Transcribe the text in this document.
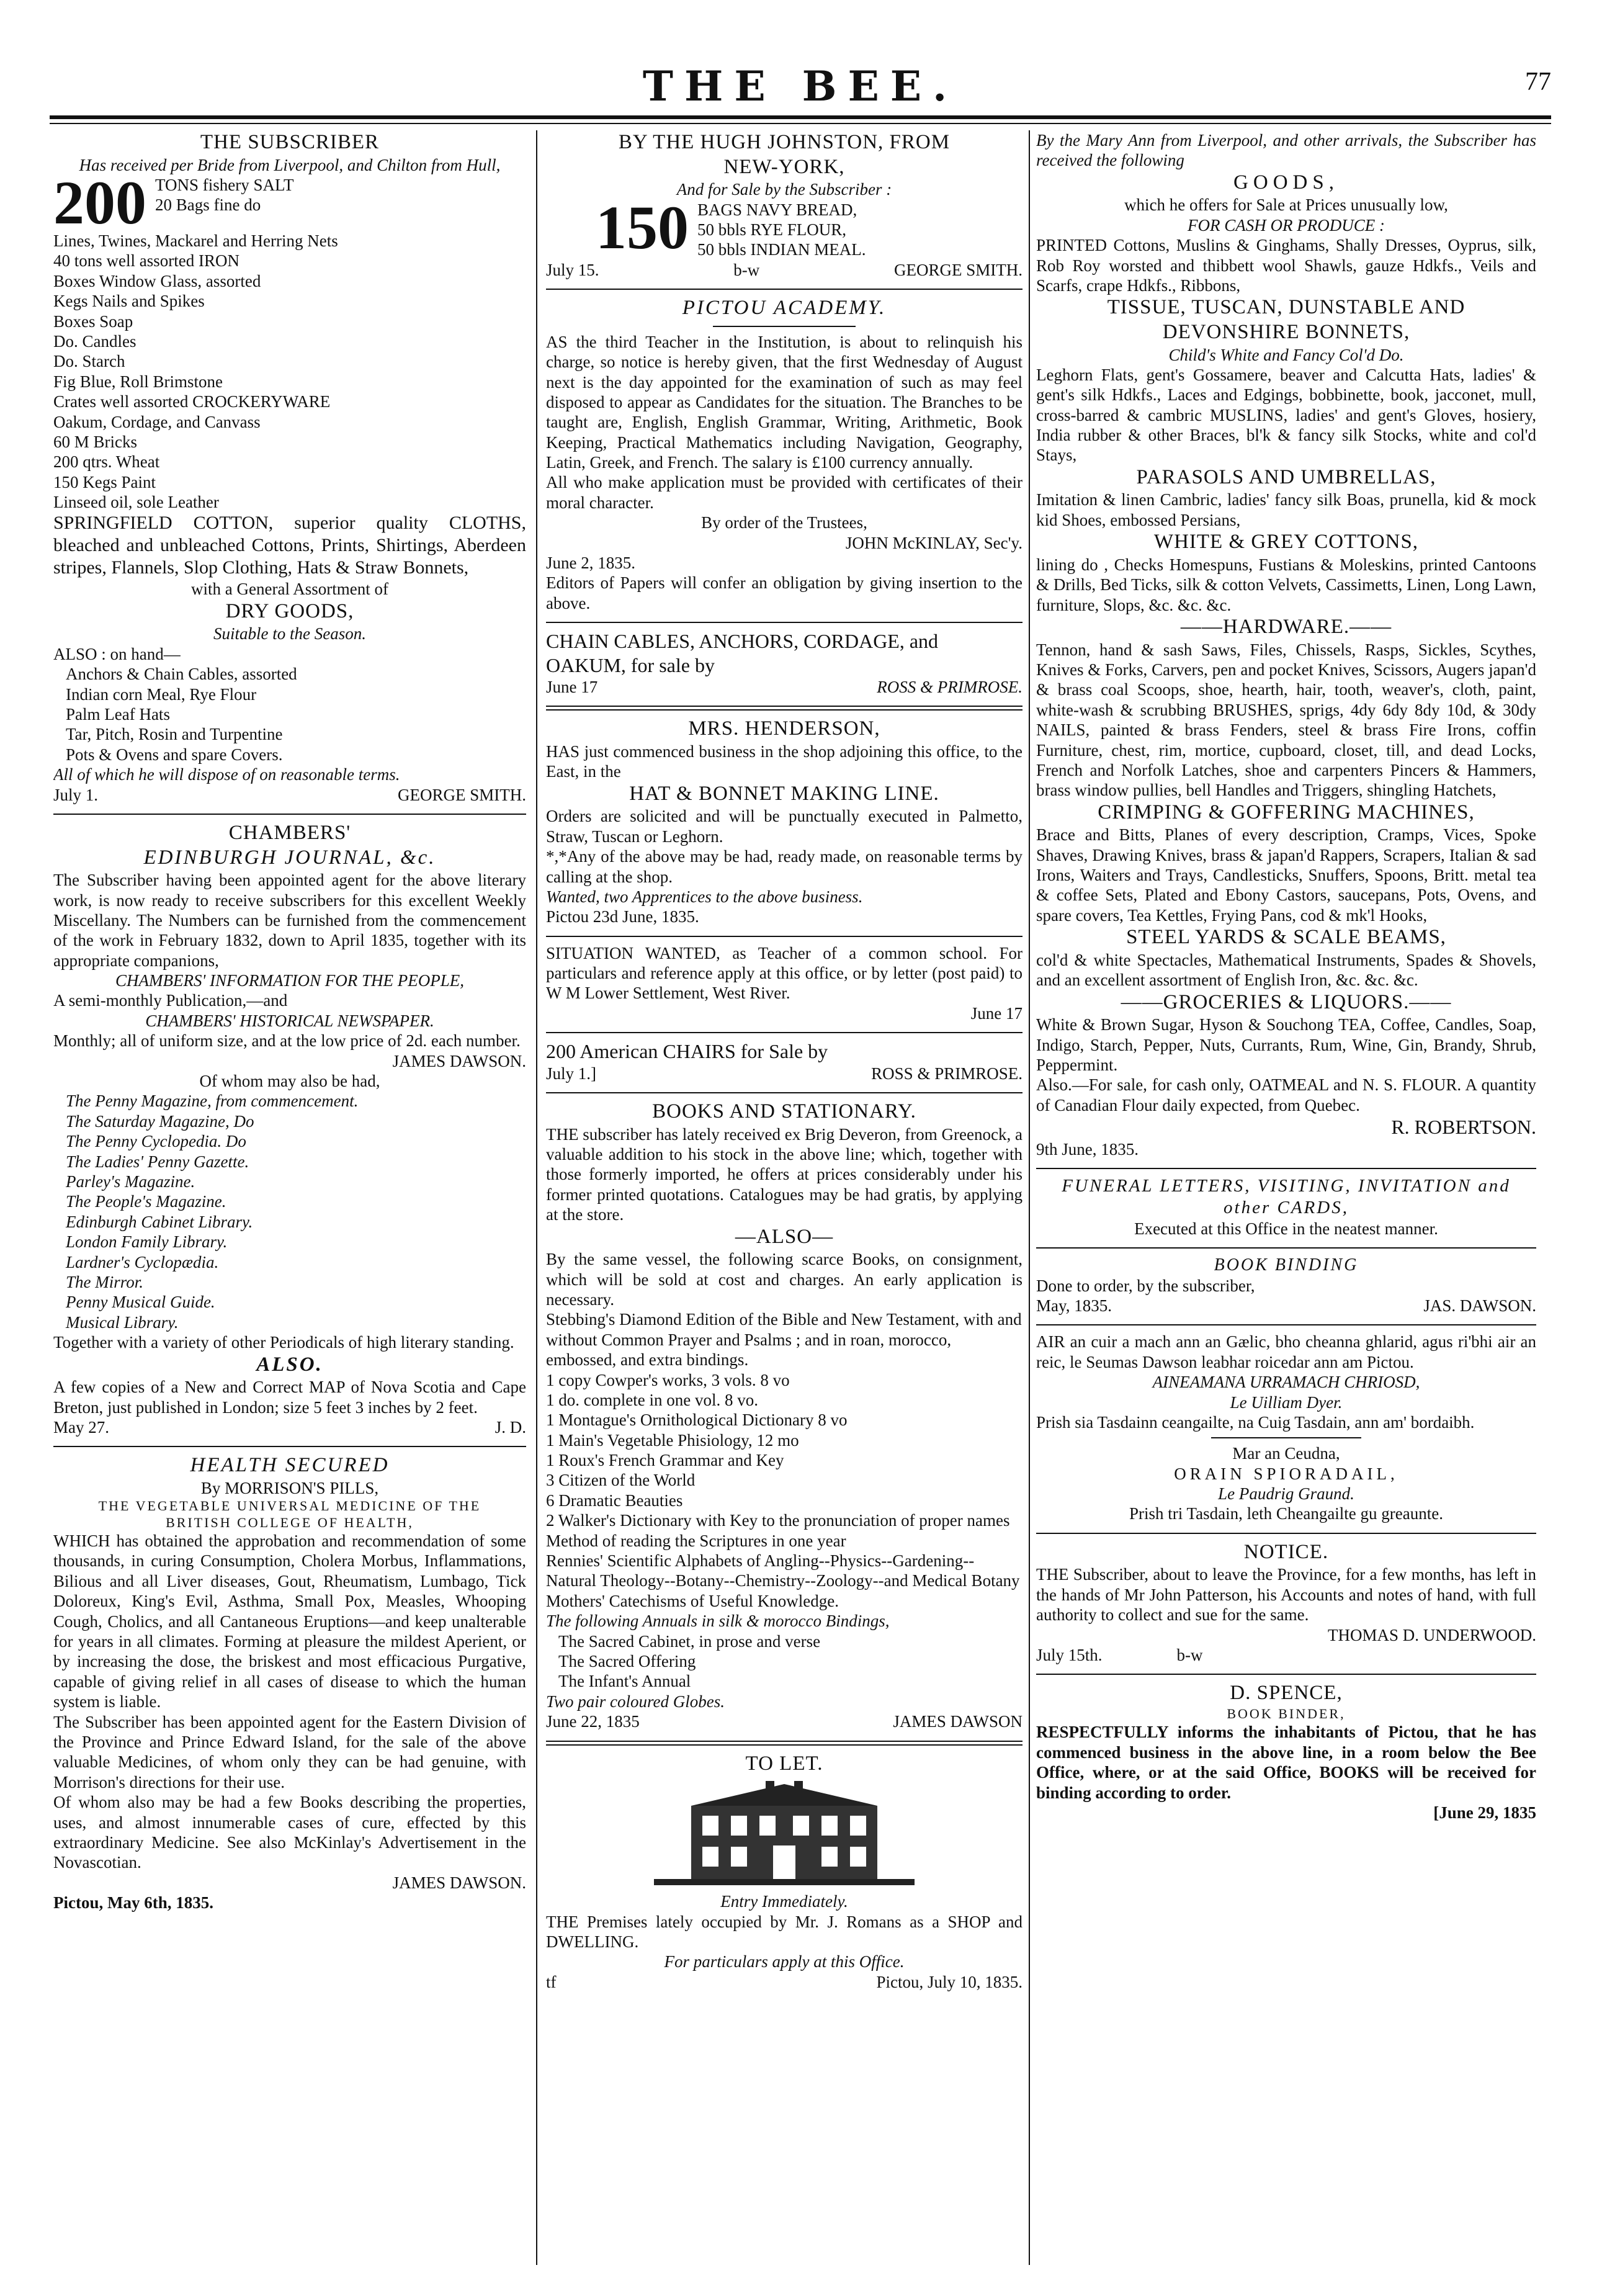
THE BEE.	77
THE SUBSCRIBER
Has received per Bride from Liverpool, and Chilton from Hull,
200 TONS fishery SALT
20 Bags fine do
Lines, Twines, Mackarel and Herring Nets
40 tons well assorted IRON
Boxes Window Glass, assorted
Kegs Nails and Spikes
Boxes Soap
Do. Candles
Do. Starch
Fig Blue, Roll Brimstone
Crates well assorted CROCKERYWARE
Oakum, Cordage, and Canvass
60 M Bricks
200 qtrs. Wheat
150 Kegs Paint
Linseed oil, sole Leather
SPRINGFIELD COTTON, superior quality CLOTHS, bleached and unbleached Cottons, Prints, Shirtings, Aberdeen stripes, Flannels, Slop Clothing, Hats & Straw Bonnets,
with a General Assortment of
DRY GOODS,
Suitable to the Season.
ALSO : on hand—
Anchors & Chain Cables, assorted
Indian corn Meal, Rye Flour
Palm Leaf Hats
Tar, Pitch, Rosin and Turpentine
Pots & Ovens and spare Covers.
All of which he will dispose of on reasonable terms.
July 1.	GEORGE SMITH.
CHAMBERS'
EDINBURGH JOURNAL, &c.
The Subscriber having been appointed agent for the above literary work, is now ready to receive subscribers for this excellent Weekly Miscellany. The Numbers can be furnished from the commencement of the work in February 1832, down to April 1835, together with its appropriate companions,
CHAMBERS' INFORMATION FOR THE PEOPLE,
A semi-monthly Publication,—and
CHAMBERS' HISTORICAL NEWSPAPER.
Monthly; all of uniform size, and at the low price of 2d. each number.
JAMES DAWSON.
Of whom may also be had,
The Penny Magazine, from commencement.
The Saturday Magazine, Do
The Penny Cyclopedia. Do
The Ladies' Penny Gazette.
Parley's Magazine.
The People's Magazine.
Edinburgh Cabinet Library.
London Family Library.
Lardner's Cyclopædia.
The Mirror.
Penny Musical Guide.
Musical Library.
Together with a variety of other Periodicals of high literary standing.
ALSO.
A few copies of a New and Correct MAP of Nova Scotia and Cape Breton, just published in London; size 5 feet 3 inches by 2 feet.
May 27.	J. D.
HEALTH SECURED
By MORRISON'S PILLS,
THE VEGETABLE UNIVERSAL MEDICINE OF THE
BRITISH COLLEGE OF HEALTH,
WHICH has obtained the approbation and recommendation of some thousands, in curing Consumption, Cholera Morbus, Inflammations, Bilious and all Liver diseases, Gout, Rheumatism, Lumbago, Tick Doloreux, King's Evil, Asthma, Small Pox, Measles, Whooping Cough, Cholics, and all Cantaneous Eruptions—and keep unalterable for years in all climates. Forming at pleasure the mildest Aperient, or by increasing the dose, the briskest and most efficacious Purgative, capable of giving relief in all cases of disease to which the human system is liable.
The Subscriber has been appointed agent for the Eastern Division of the Province and Prince Edward Island, for the sale of the above valuable Medicines, of whom only they can be had genuine, with Morrison's directions for their use.
Of whom also may be had a few Books describing the properties, uses, and almost innumerable cases of cure, effected by this extraordinary Medicine. See also McKinlay's Advertisement in the Novascotian.
JAMES DAWSON.
Pictou, May 6th, 1835.
BY THE HUGH JOHNSTON, FROM
NEW-YORK,
And for Sale by the Subscriber :
150 BAGS NAVY BREAD,
50 bbls RYE FLOUR,
50 bbls INDIAN MEAL.
July 15.	b-w	GEORGE SMITH.
PICTOU ACADEMY.
AS the third Teacher in the Institution, is about to relinquish his charge, so notice is hereby given, that the first Wednesday of August next is the day appointed for the examination of such as may feel disposed to appear as Candidates for the situation. The Branches to be taught are, English, English Grammar, Writing, Arithmetic, Book Keeping, Practical Mathematics including Navigation, Geography, Latin, Greek, and French. The salary is £100 currency annually.
All who make application must be provided with certificates of their moral character.
By order of the Trustees,
JOHN McKINLAY, Sec'y.
June 2, 1835.
Editors of Papers will confer an obligation by giving insertion to the above.
CHAIN CABLES, ANCHORS, CORDAGE, and OAKUM, for sale by
June 17	ROSS & PRIMROSE.
MRS. HENDERSON,
HAS just commenced business in the shop adjoining this office, to the East, in the
HAT & BONNET MAKING LINE.
Orders are solicited and will be punctually executed in Palmetto, Straw, Tuscan or Leghorn.
*,*Any of the above may be had, ready made, on reasonable terms by calling at the shop.
Wanted, two Apprentices to the above business.
Pictou 23d June, 1835.
SITUATION WANTED, as Teacher of a common school. For particulars and reference apply at this office, or by letter (post paid) to W M Lower Settlement, West River.
June 17
200 American CHAIRS for Sale by
July 1.]	ROSS & PRIMROSE.
BOOKS AND STATIONARY.
THE subscriber has lately received ex Brig Deveron, from Greenock, a valuable addition to his stock in the above line; which, together with those formerly imported, he offers at prices considerably under his former printed quotations. Catalogues may be had gratis, by applying at the store.
—ALSO—
By the same vessel, the following scarce Books, on consignment, which will be sold at cost and charges. An early application is necessary.
Stebbing's Diamond Edition of the Bible and New Testament, with and without Common Prayer and Psalms ; and in roan, morocco, embossed, and extra bindings.
1 copy Cowper's works, 3 vols. 8 vo
1 do. complete in one vol. 8 vo.
1 Montague's Ornithological Dictionary 8 vo
1 Main's Vegetable Phisiology, 12 mo
1 Roux's French Grammar and Key
3 Citizen of the World
6 Dramatic Beauties
2 Walker's Dictionary with Key to the pronunciation of proper names
Method of reading the Scriptures in one year
Rennies' Scientific Alphabets of Angling--Physics--Gardening--Natural Theology--Botany--Chemistry--Zoology--and Medical Botany
Mothers' Catechisms of Useful Knowledge.
The following Annuals in silk & morocco Bindings,
The Sacred Cabinet, in prose and verse
The Sacred Offering
The Infant's Annual
Two pair coloured Globes.
June 22, 1835	JAMES DAWSON
TO LET.
Entry Immediately.
THE Premises lately occupied by Mr. J. Romans as a SHOP and DWELLING.
For particulars apply at this Office.
tf	Pictou, July 10, 1835.
By the Mary Ann from Liverpool, and other arrivals, the Subscriber has received the following
GOODS,
which he offers for Sale at Prices unusually low,
FOR CASH OR PRODUCE :
PRINTED Cottons, Muslins & Ginghams, Shally Dresses, Oyprus, silk, Rob Roy worsted and thibbett wool Shawls, gauze Hdkfs., Veils and Scarfs, crape Hdkfs., Ribbons,
TISSUE, TUSCAN, DUNSTABLE AND DEVONSHIRE BONNETS,
Child's White and Fancy Col'd Do.
Leghorn Flats, gent's Gossamere, beaver and Calcutta Hats, ladies' & gent's silk Hdkfs., Laces and Edgings, bobbinette, book, jacconet, mull, cross-barred & cambric MUSLINS, ladies' and gent's Gloves, hosiery, India rubber & other Braces, bl'k & fancy silk Stocks, white and col'd Stays,
PARASOLS AND UMBRELLAS,
Imitation & linen Cambric, ladies' fancy silk Boas, prunella, kid & mock kid Shoes, embossed Persians,
WHITE & GREY COTTONS,
lining do , Checks Homespuns, Fustians & Moleskins, printed Cantoons & Drills, Bed Ticks, silk & cotton Velvets, Cassimetts, Linen, Long Lawn, furniture, Slops, &c. &c. &c.
——HARDWARE.——
Tennon, hand & sash Saws, Files, Chissels, Rasps, Sickles, Scythes, Knives & Forks, Carvers, pen and pocket Knives, Scissors, Augers japan'd & brass coal Scoops, shoe, hearth, hair, tooth, weaver's, cloth, paint, white-wash & scrubbing BRUSHES, sprigs, 4dy 6dy 8dy 10d, & 30dy NAILS, painted & brass Fenders, steel & brass Fire Irons, coffin Furniture, chest, rim, mortice, cupboard, closet, till, and dead Locks, French and Norfolk Latches, shoe and carpenters Pincers & Hammers, brass window pullies, bell Handles and Triggers, shingling Hatchets,
CRIMPING & GOFFERING MACHINES,
Brace and Bitts, Planes of every description, Cramps, Vices, Spoke Shaves, Drawing Knives, brass & japan'd Rappers, Scrapers, Italian & sad Irons, Waiters and Trays, Candlesticks, Snuffers, Spoons, Britt. metal tea & coffee Sets, Plated and Ebony Castors, saucepans, Pots, Ovens, and spare covers, Tea Kettles, Frying Pans, cod & mk'l Hooks,
STEEL YARDS & SCALE BEAMS,
col'd & white Spectacles, Mathematical Instruments, Spades & Shovels, and an excellent assortment of English Iron, &c. &c. &c.
——GROCERIES & LIQUORS.——
White & Brown Sugar, Hyson & Souchong TEA, Coffee, Candles, Soap, Indigo, Starch, Pepper, Nuts, Currants, Rum, Wine, Gin, Brandy, Shrub, Peppermint.
Also.—For sale, for cash only, OATMEAL and N. S. FLOUR. A quantity of Canadian Flour daily expected, from Quebec.
R. ROBERTSON.
9th June, 1835.
FUNERAL LETTERS, VISITING, INVITATION and other CARDS,
Executed at this Office in the neatest manner.
BOOK BINDING
Done to order, by the subscriber,
May, 1835.	JAS. DAWSON.
AIR an cuir a mach ann an Gælic, bho cheanna ghlarid, agus ri'bhi air an reic, le Seumas Dawson leabhar roicedar ann am Pictou.
AINEAMANA URRAMACH CHRIOSD,
Le Uilliam Dyer.
Prish sia Tasdainn ceangailte, na Cuig Tasdain, ann am' bordaibh.
Mar an Ceudna,
ORAIN SPIORADAIL,
Le Paudrig Graund.
Prish tri Tasdain, leth Cheangailte gu greaunte.
NOTICE.
THE Subscriber, about to leave the Province, for a few months, has left in the hands of Mr John Patterson, his Accounts and notes of hand, with full authority to collect and sue for the same.
THOMAS D. UNDERWOOD.
July 15th.	b-w
D. SPENCE,
BOOK BINDER,
RESPECTFULLY informs the inhabitants of Pictou, that he has commenced business in the above line, in a room below the Bee Office, where, or at the said Office, BOOKS will be received for binding according to order.
[June 29, 1835
